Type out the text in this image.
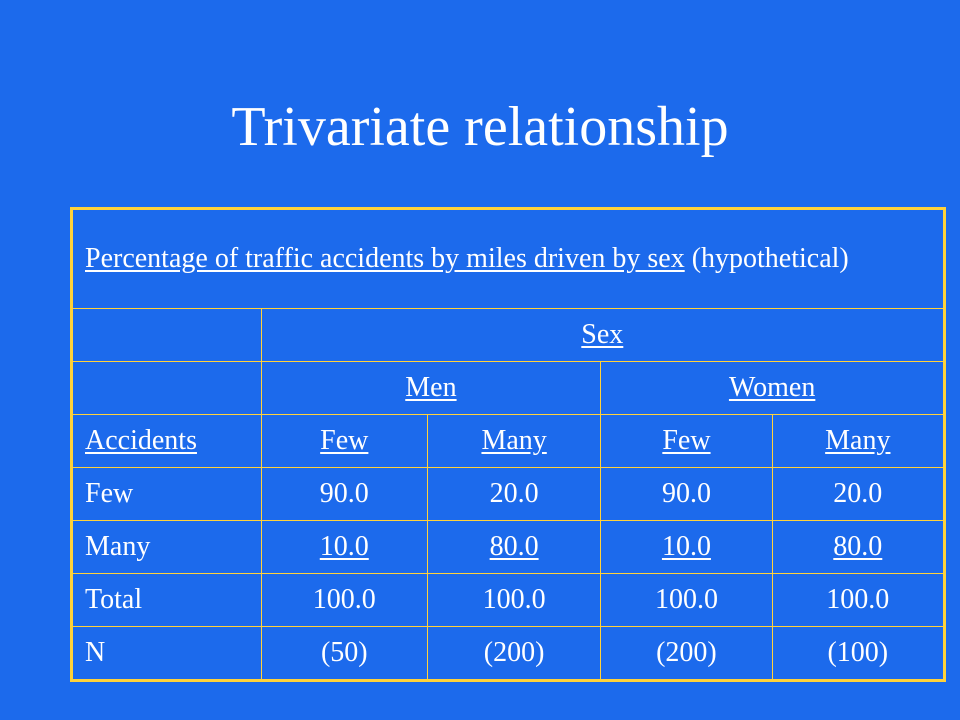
Trivariate relationship
Percentage of traffic accidents by miles driven by sex (hypothetical)				
	Sex			
	Men		Women	
Accidents	Few	Many	Few	Many
Few	90.0	20.0	90.0	20.0
Many	10.0	80.0	10.0	80.0
Total	100.0	100.0	100.0	100.0
N	(50)	(200)	(200)	(100)
